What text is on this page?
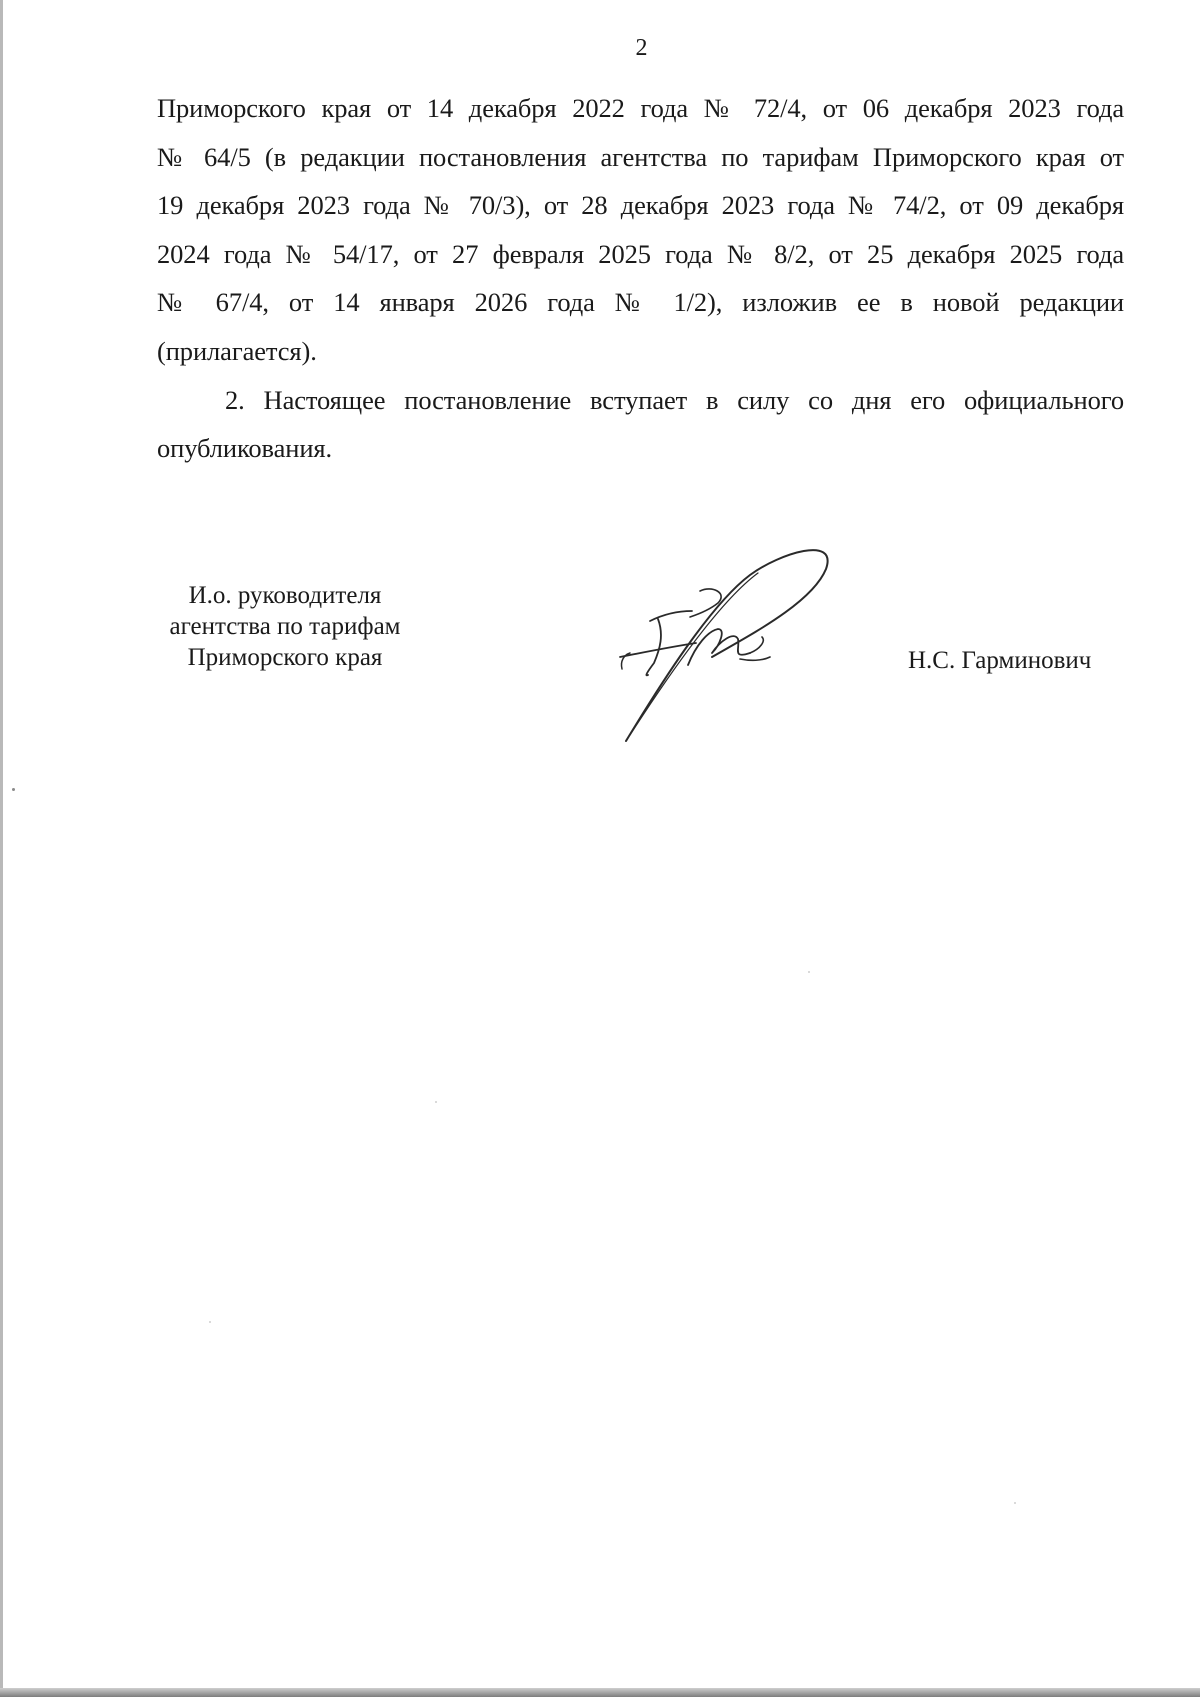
2
Приморского края от 14 декабря 2022 года № 72/4, от 06 декабря 2023 года
№ 64/5 (в редакции постановления агентства по тарифам Приморского края от
19 декабря 2023 года № 70/3), от 28 декабря 2023 года № 74/2, от 09 декабря
2024 года № 54/17, от 27 февраля 2025 года № 8/2, от 25 декабря 2025 года
№ 67/4, от 14 января 2026 года № 1/2), изложив ее в новой редакции
(прилагается).
2. Настоящее постановление вступает в силу со дня его официального
опубликования.
И.о. руководителя
агентства по тарифам
Приморского края	Н.С. Гарминович
